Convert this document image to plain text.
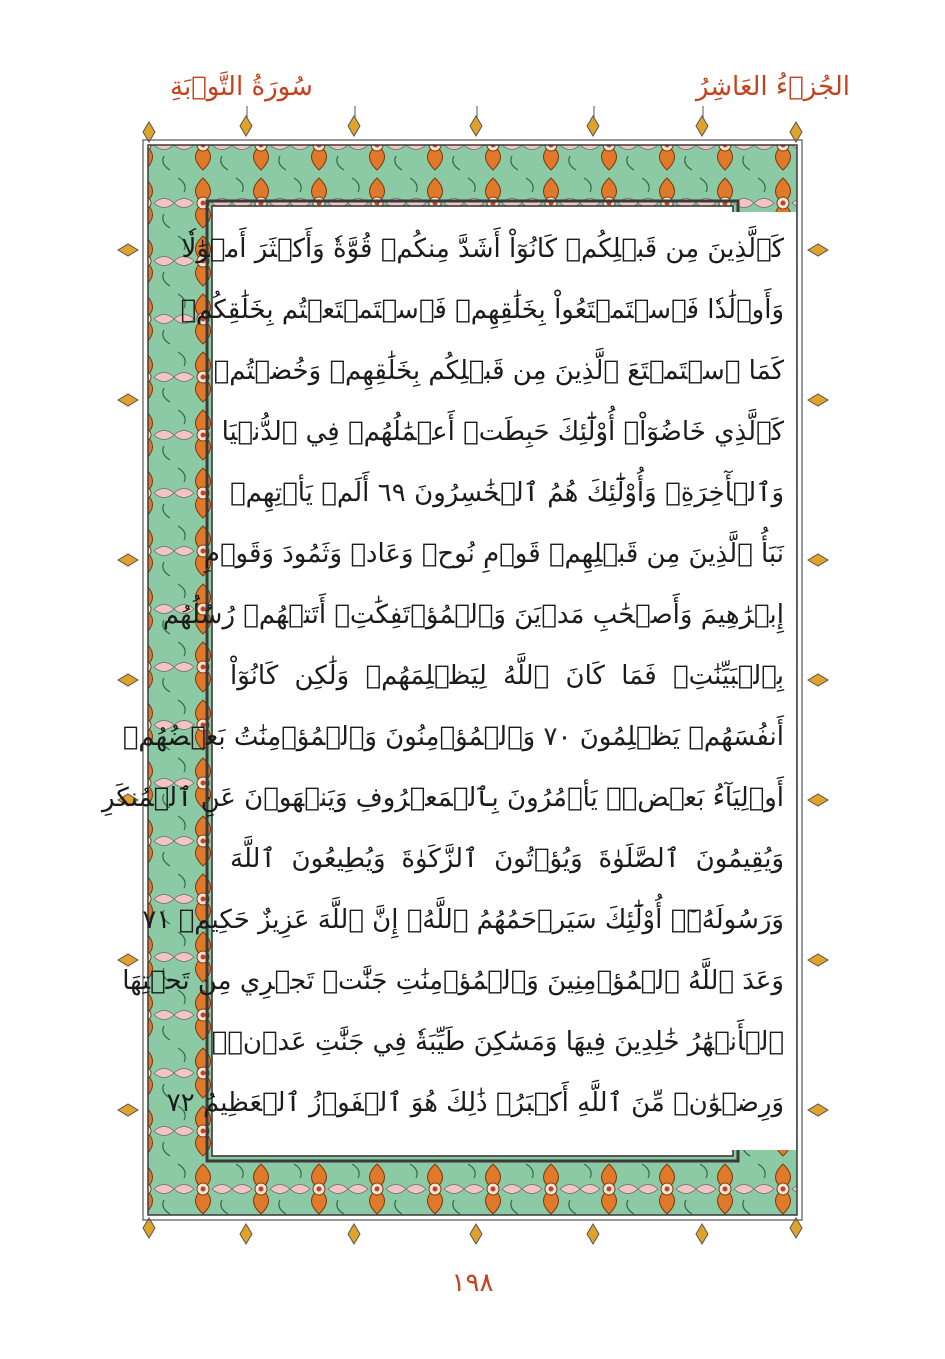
سُورَةُ التَّوۡبَةِ	الجُزۡءُ العَاشِرُ
كَٱلَّذِينَ مِن قَبۡلِكُمۡ كَانُوٓاْ أَشَدَّ مِنكُمۡ قُوَّةٗ وَأَكۡثَرَ أَمۡوَٰلٗا
وَأَوۡلَٰدٗا فَٱسۡتَمۡتَعُواْ بِخَلَٰقِهِمۡ فَٱسۡتَمۡتَعۡتُم بِخَلَٰقِكُمۡ
كَمَا ٱسۡتَمۡتَعَ ٱلَّذِينَ مِن قَبۡلِكُم بِخَلَٰقِهِمۡ وَخُضۡتُمۡ
كَٱلَّذِي خَاضُوٓاْۚ أُوْلَٰٓئِكَ حَبِطَتۡ أَعۡمَٰلُهُمۡ فِي ٱلدُّنۡيَا
وَٱلۡأٓخِرَةِۖ وَأُوْلَٰٓئِكَ هُمُ ٱلۡخَٰسِرُونَ ٦٩ أَلَمۡ يَأۡتِهِمۡ
نَبَأُ ٱلَّذِينَ مِن قَبۡلِهِمۡ قَوۡمِ نُوحٖ وَعَادٖ وَثَمُودَ وَقَوۡمِ
إِبۡرَٰهِيمَ وَأَصۡحَٰبِ مَدۡيَنَ وَٱلۡمُؤۡتَفِكَٰتِۚ أَتَتۡهُمۡ رُسُلُهُم
بِٱلۡبَيِّنَٰتِۖ فَمَا كَانَ ٱللَّهُ لِيَظۡلِمَهُمۡ وَلَٰكِن كَانُوٓاْ
أَنفُسَهُمۡ يَظۡلِمُونَ ٧٠ وَٱلۡمُؤۡمِنُونَ وَٱلۡمُؤۡمِنَٰتُ بَعۡضُهُمۡ
أَوۡلِيَآءُ بَعۡضٖۚ يَأۡمُرُونَ بِٱلۡمَعۡرُوفِ وَيَنۡهَوۡنَ عَنِ ٱلۡمُنكَرِ
وَيُقِيمُونَ ٱلصَّلَوٰةَ وَيُؤۡتُونَ ٱلزَّكَوٰةَ وَيُطِيعُونَ ٱللَّهَ
وَرَسُولَهُۥٓۚ أُوْلَٰٓئِكَ سَيَرۡحَمُهُمُ ٱللَّهُۗ إِنَّ ٱللَّهَ عَزِيزٌ حَكِيمٞ ٧١
وَعَدَ ٱللَّهُ ٱلۡمُؤۡمِنِينَ وَٱلۡمُؤۡمِنَٰتِ جَنَّٰتٖ تَجۡرِي مِن تَحۡتِهَا
ٱلۡأَنۡهَٰرُ خَٰلِدِينَ فِيهَا وَمَسَٰكِنَ طَيِّبَةٗ فِي جَنَّٰتِ عَدۡنٖۚ
وَرِضۡوَٰنٞ مِّنَ ٱللَّهِ أَكۡبَرُۚ ذَٰلِكَ هُوَ ٱلۡفَوۡزُ ٱلۡعَظِيمُ ٧٢
١٩٨
